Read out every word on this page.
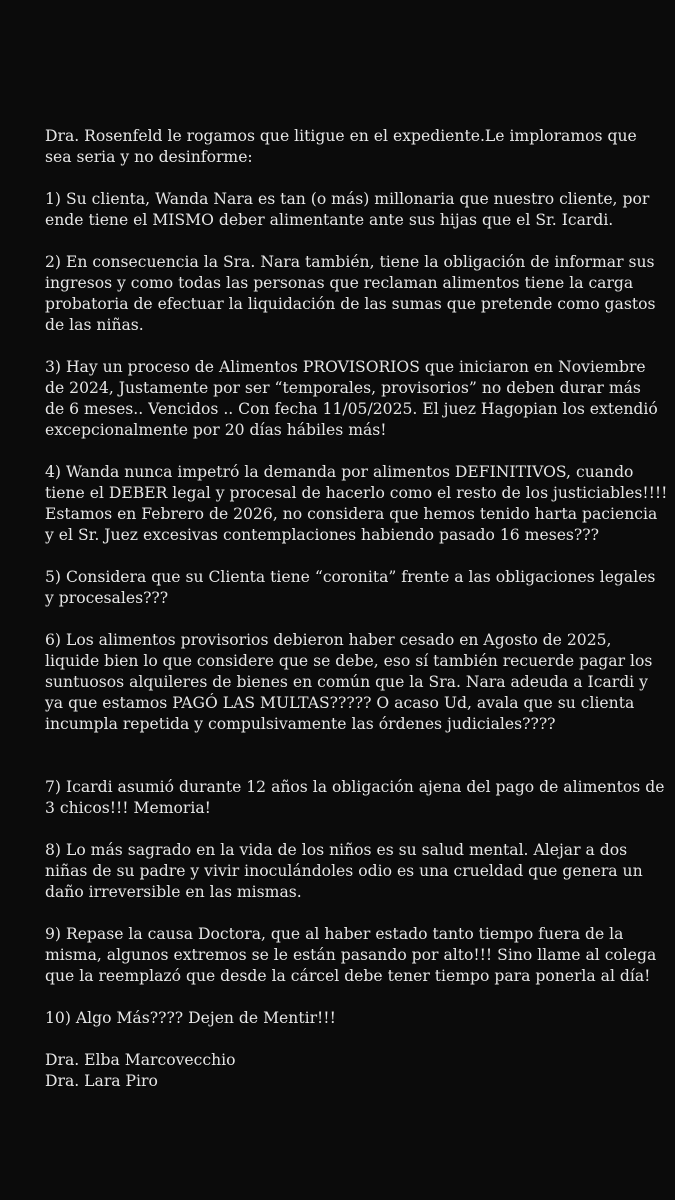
Dra. Rosenfeld le rogamos que litigue en el expediente.Le imploramos que
sea seria y no desinforme:
1) Su clienta, Wanda Nara es tan (o más) millonaria que nuestro cliente, por
ende tiene el MISMO deber alimentante ante sus hijas que el Sr. Icardi.
2) En consecuencia la Sra. Nara también, tiene la obligación de informar sus
ingresos y como todas las personas que reclaman alimentos tiene la carga
probatoria de efectuar la liquidación de las sumas que pretende como gastos
de las niñas.
3) Hay un proceso de Alimentos PROVISORIOS que iniciaron en Noviembre
de 2024, Justamente por ser “temporales, provisorios” no deben durar más
de 6 meses.. Vencidos .. Con fecha 11/05/2025. El juez Hagopian los extendió
excepcionalmente por 20 días hábiles más!
4) Wanda nunca impetró la demanda por alimentos DEFINITIVOS, cuando
tiene el DEBER legal y procesal de hacerlo como el resto de los justiciables!!!!
Estamos en Febrero de 2026, no considera que hemos tenido harta paciencia
y el Sr. Juez excesivas contemplaciones habiendo pasado 16 meses???
5) Considera que su Clienta tiene “coronita” frente a las obligaciones legales
y procesales???
6) Los alimentos provisorios debieron haber cesado en Agosto de 2025,
liquide bien lo que considere que se debe, eso sí también recuerde pagar los
suntuosos alquileres de bienes en común que la Sra. Nara adeuda a Icardi y
ya que estamos PAGÓ LAS MULTAS????? O acaso Ud, avala que su clienta
incumpla repetida y compulsivamente las órdenes judiciales????
7) Icardi asumió durante 12 años la obligación ajena del pago de alimentos de
3 chicos!!! Memoria!
8) Lo más sagrado en la vida de los niños es su salud mental. Alejar a dos
niñas de su padre y vivir inoculándoles odio es una crueldad que genera un
daño irreversible en las mismas.
9) Repase la causa Doctora, que al haber estado tanto tiempo fuera de la
misma, algunos extremos se le están pasando por alto!!! Sino llame al colega
que la reemplazó que desde la cárcel debe tener tiempo para ponerla al día!
10) Algo Más???? Dejen de Mentir!!!
Dra. Elba Marcovecchio
Dra. Lara Piro
